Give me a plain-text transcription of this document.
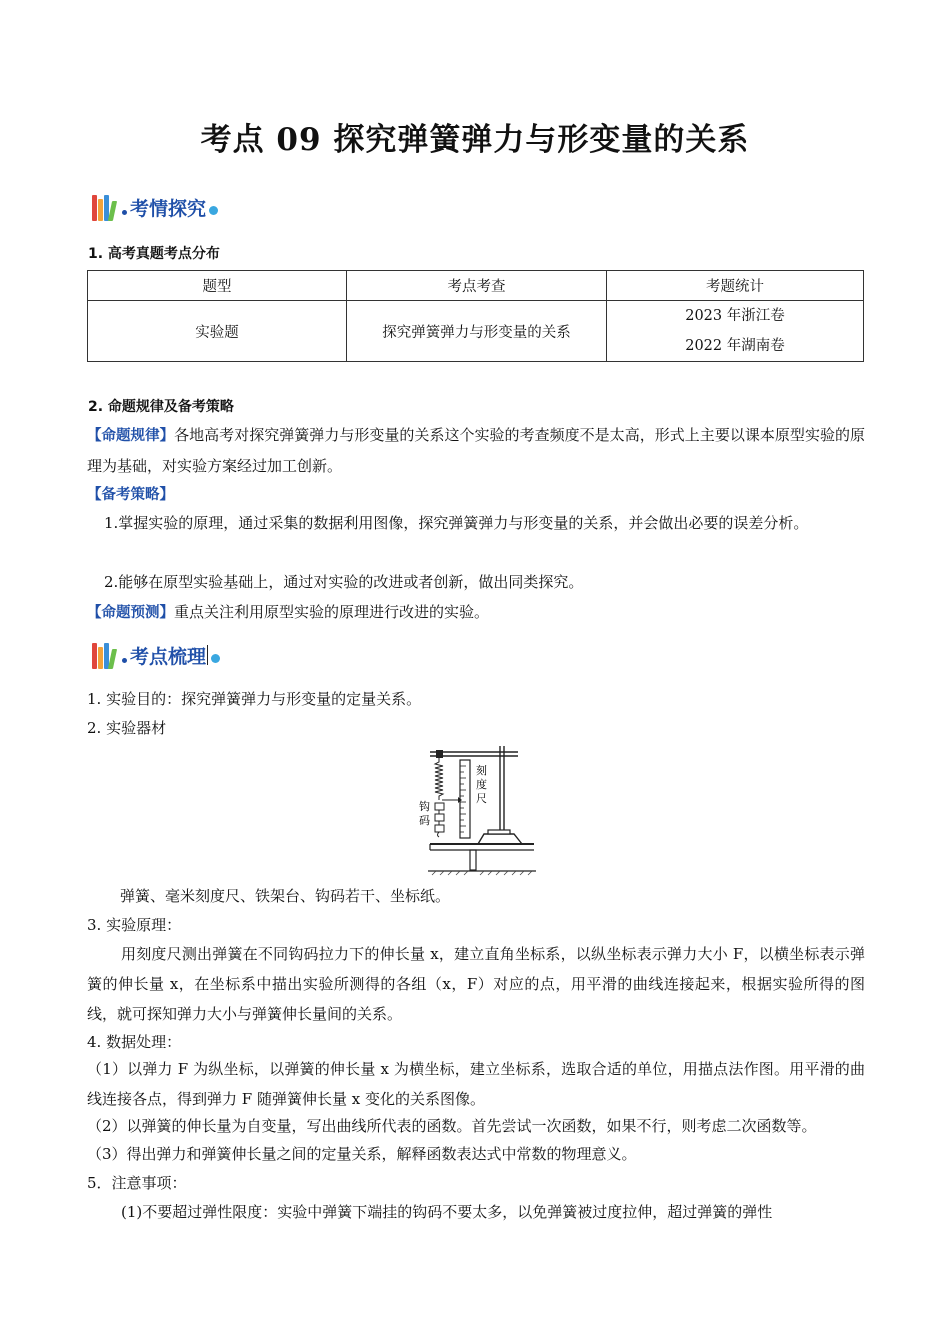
考点 09 探究弹簧弹力与形变量的关系
考情探究
1. 高考真题考点分布
题型	考点考查	考题统计
实验题	探究弹簧弹力与形变量的关系	2023 年浙江卷
2022 年湖南卷
2. 命题规律及备考策略
【命题规律】各地高考对探究弹簧弹力与形变量的关系这个实验的考查频度不是太高，形式上主要以课本原型实验的原理为基础，对实验方案经过加工创新。
【备考策略】
1.掌握实验的原理，通过采集的数据利用图像，探究弹簧弹力与形变量的关系，并会做出必要的误差分析。
2.能够在原型实验基础上，通过对实验的改进或者创新，做出同类探究。
【命题预测】重点关注利用原型实验的原理进行改进的实验。
考点梳理
1. 实验目的：探究弹簧弹力与形变量的定量关系。
2. 实验器材
刻
度
尺
钩
码
弹簧、毫米刻度尺、铁架台、钩码若干、坐标纸。
3. 实验原理：
用刻度尺测出弹簧在不同钩码拉力下的伸长量 x，建立直角坐标系，以纵坐标表示弹力大小 F，以横坐标表示弹簧的伸长量 x，在坐标系中描出实验所测得的各组（x，F）对应的点，用平滑的曲线连接起来，根据实验所得的图线，就可探知弹力大小与弹簧伸长量间的关系。
4. 数据处理：
（1）以弹力 F 为纵坐标，以弹簧的伸长量 x 为横坐标，建立坐标系，选取合适的单位，用描点法作图。用平滑的曲线连接各点，得到弹力 F 随弹簧伸长量 x 变化的关系图像。
（2）以弹簧的伸长量为自变量，写出曲线所代表的函数。首先尝试一次函数，如果不行，则考虑二次函数等。
（3）得出弹力和弹簧伸长量之间的定量关系，解释函数表达式中常数的物理意义。
5．注意事项：
(1)不要超过弹性限度：实验中弹簧下端挂的钩码不要太多，以免弹簧被过度拉伸，超过弹簧的弹性
